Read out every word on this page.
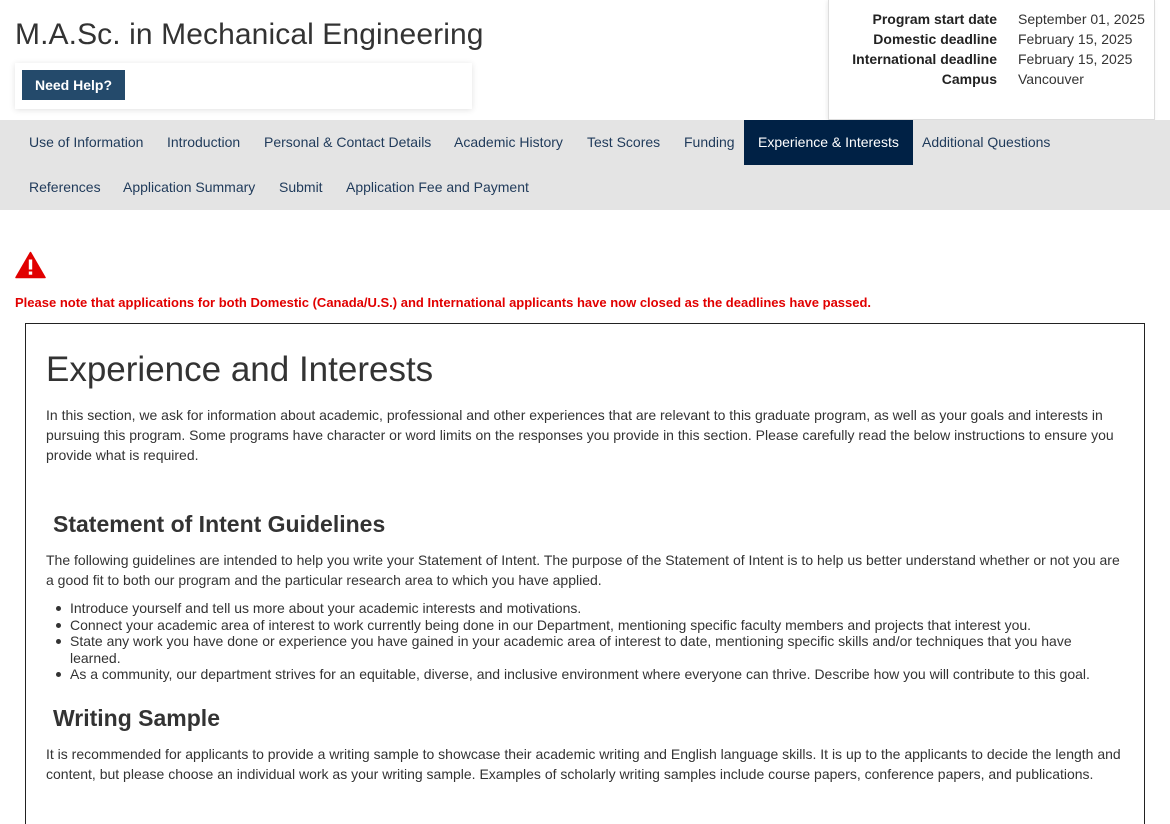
M.A.Sc. in Mechanical Engineering
Need Help?
Program start date September 01, 2025
Domestic deadline February 15, 2025
International deadline February 15, 2025
Campus Vancouver
Use of Information	Introduction	Personal & Contact Details	Academic History	Test Scores	Funding	Experience & Interests	Additional Questions
References	Application Summary	Submit	Application Fee and Payment
Please note that applications for both Domestic (Canada/U.S.) and International applicants have now closed as the deadlines have passed.
Experience and Interests

In this section, we ask for information about academic, professional and other experiences that are relevant to this graduate program, as well as your goals and interests in pursuing this program. Some programs have character or word limits on the responses you provide in this section. Please carefully read the below instructions to ensure you provide what is required.

Statement of Intent Guidelines

The following guidelines are intended to help you write your Statement of Intent. The purpose of the Statement of Intent is to help us better understand whether or not you are a good fit to both our program and the particular research area to which you have applied.

Introduce yourself and tell us more about your academic interests and motivations.
Connect your academic area of interest to work currently being done in our Department, mentioning specific faculty members and projects that interest you.
State any work you have done or experience you have gained in your academic area of interest to date, mentioning specific skills and/or techniques that you have learned.
As a community, our department strives for an equitable, diverse, and inclusive environment where everyone can thrive. Describe how you will contribute to this goal.
Writing Sample

It is recommended for applicants to provide a writing sample to showcase their academic writing and English language skills. It is up to the applicants to decide the length and content, but please choose an individual work as your writing sample. Examples of scholarly writing samples include course papers, conference papers, and publications.
